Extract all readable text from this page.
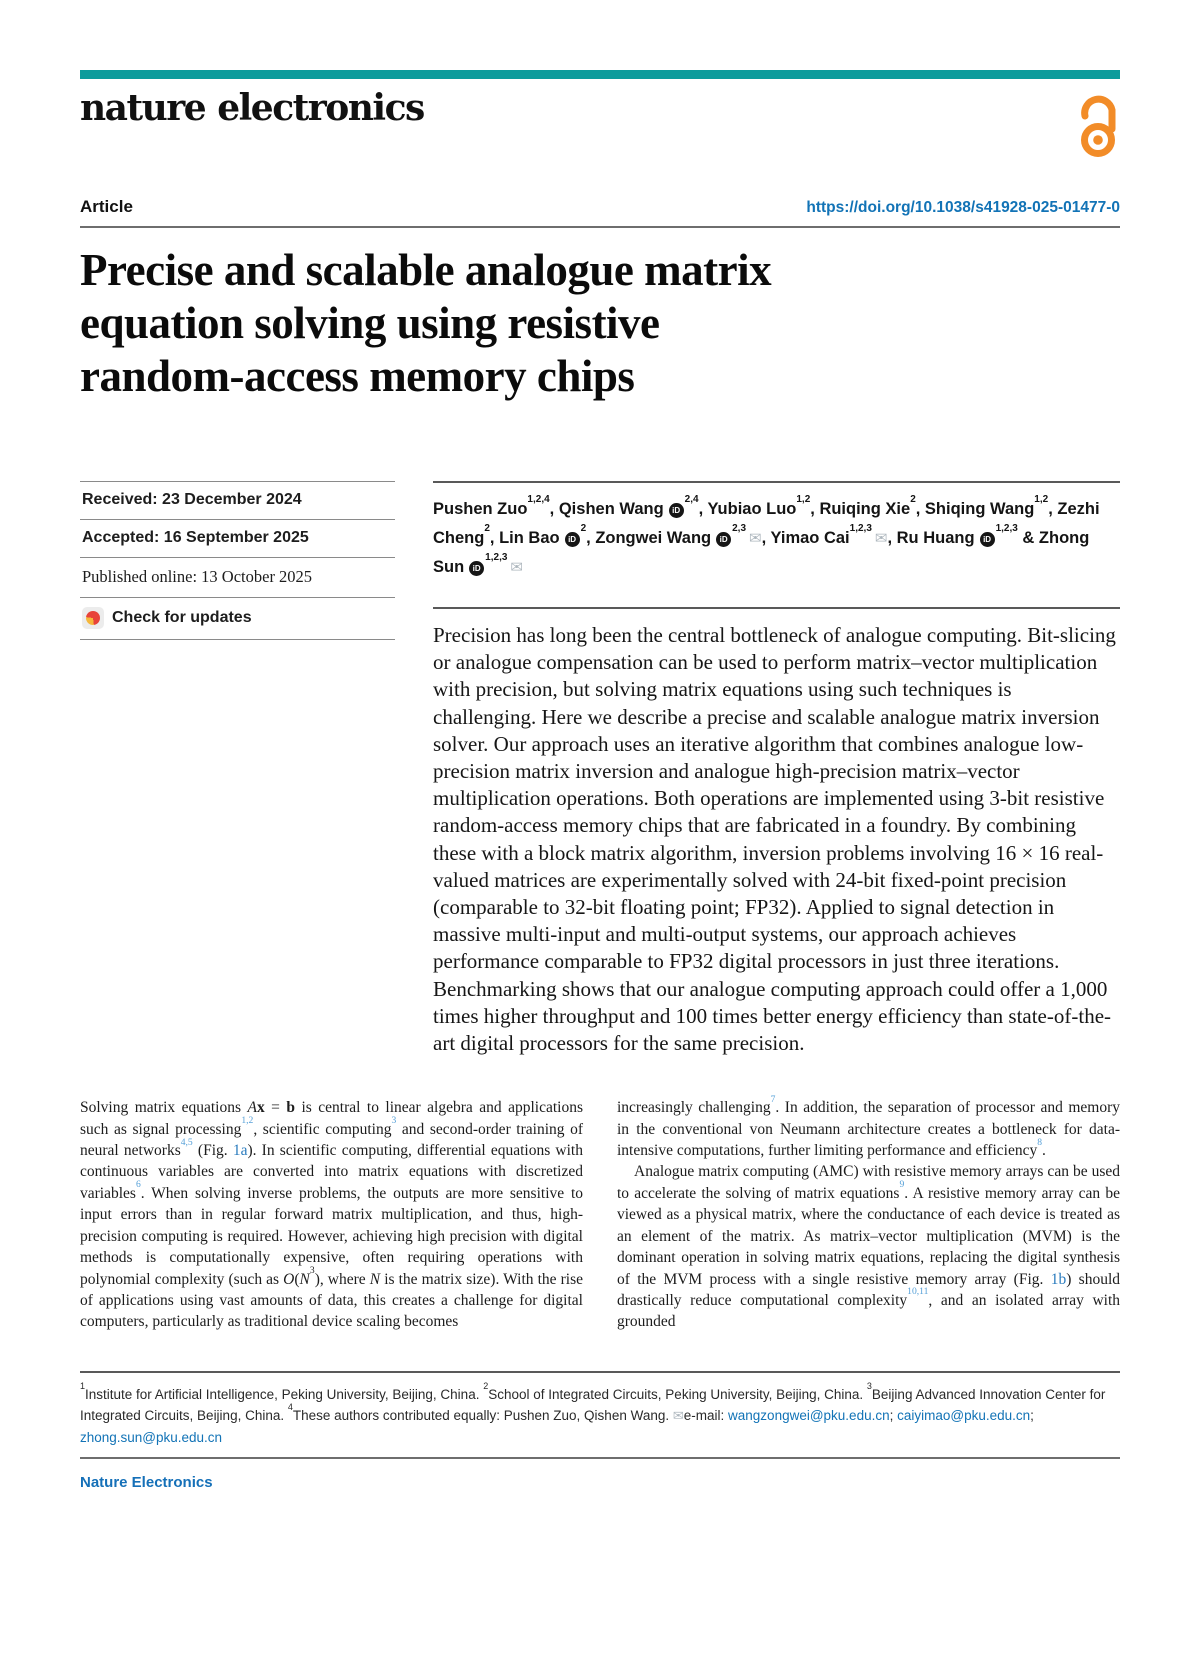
nature electronics
Article	https://doi.org/10.1038/s41928-025-01477-0
Precise and scalable analogue matrix
equation solving using resistive
random-access memory chips
Received: 23 December 2024
Accepted: 16 September 2025
Published online: 13 October 2025
Check for updates
Pushen Zuo$^{1,2,4}$, Qishen Wang iD$^{2,4}$, Yubiao Luo$^{1,2}$, Ruiqing Xie$^2$, Shiqing Wang$^{1,2}$, Zezhi Cheng$^2$, Lin Bao iD$^2$, Zongwei Wang iD$^{2,3}$✉, Yimao Cai$^{1,2,3}$✉, Ru Huang iD$^{1,2,3}$ & Zhong Sun iD$^{1,2,3}$✉
Precision has long been the central bottleneck of analogue computing. Bit-slicing or analogue compensation can be used to perform matrix–vector multiplication with precision, but solving matrix equations using such techniques is challenging. Here we describe a precise and scalable analogue matrix inversion solver. Our approach uses an iterative algorithm that combines analogue low-precision matrix inversion and analogue high-precision matrix–vector multiplication operations. Both operations are implemented using 3-bit resistive random-access memory chips that are fabricated in a foundry. By combining these with a block matrix algorithm, inversion problems involving 16 × 16 real-valued matrices are experimentally solved with 24-bit fixed-point precision (comparable to 32-bit floating point; FP32). Applied to signal detection in massive multi-input and multi-output systems, our approach achieves performance comparable to FP32 digital processors in just three iterations. Benchmarking shows that our analogue computing approach could offer a 1,000 times higher throughput and 100 times better energy efficiency than state-of-the-art digital processors for the same precision.

Solving matrix equations Ax = b is central to linear algebra and applications such as signal processing$^{1,2}$, scientific computing$^3$ and second-order training of neural networks$^{4,5}$ (Fig. 1a). In scientific computing, differential equations with continuous variables are converted into matrix equations with discretized variables$^6$. When solving inverse problems, the outputs are more sensitive to input errors than in regular forward matrix multiplication, and thus, high-precision computing is required. However, achieving high precision with digital methods is computationally expensive, often requiring operations with polynomial complexity (such as $O(N^3)$, where N is the matrix size). With the rise of applications using vast amounts of data, this creates a challenge for digital computers, particularly as traditional device scaling becomes

increasingly challenging$^7$. In addition, the separation of processor and memory in the conventional von Neumann architecture creates a bottleneck for data-intensive computations, further limiting performance and efficiency$^8$.

Analogue matrix computing (AMC) with resistive memory arrays can be used to accelerate the solving of matrix equations$^9$. A resistive memory array can be viewed as a physical matrix, where the conductance of each device is treated as an element of the matrix. As matrix–vector multiplication (MVM) is the dominant operation in solving matrix equations, replacing the digital synthesis of the MVM process with a single resistive memory array (Fig. 1b) should drastically reduce computational complexity$^{10,11}$, and an isolated array with grounded

$^1$Institute for Artificial Intelligence, Peking University, Beijing, China. $^2$School of Integrated Circuits, Peking University, Beijing, China. $^3$Beijing Advanced Innovation Center for Integrated Circuits, Beijing, China. $^4$These authors contributed equally: Pushen Zuo, Qishen Wang. ✉e-mail: wangzongwei@pku.edu.cn; caiyimao@pku.edu.cn; zhong.sun@pku.edu.cn
Nature Electronics
